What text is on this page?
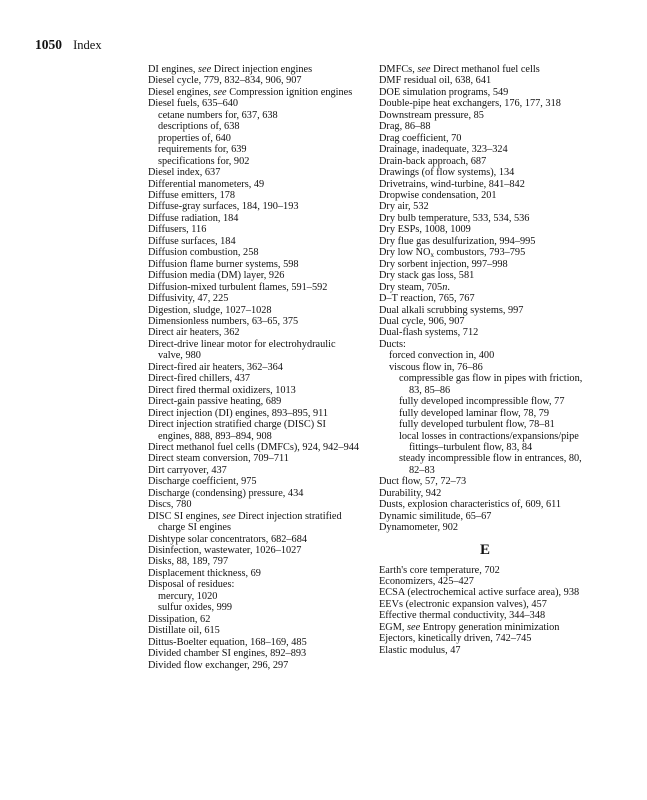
1050 Index
DI engines, see Direct injection engines
Diesel cycle, 779, 832–834, 906, 907
Diesel engines, see Compression ignition engines
Diesel fuels, 635–640
cetane numbers for, 637, 638
descriptions of, 638
properties of, 640
requirements for, 639
specifications for, 902
Diesel index, 637
Differential manometers, 49
Diffuse emitters, 178
Diffuse-gray surfaces, 184, 190–193
Diffuse radiation, 184
Diffusers, 116
Diffuse surfaces, 184
Diffusion combustion, 258
Diffusion flame burner systems, 598
Diffusion media (DM) layer, 926
Diffusion-mixed turbulent flames, 591–592
Diffusivity, 47, 225
Digestion, sludge, 1027–1028
Dimensionless numbers, 63–65, 375
Direct air heaters, 362
Direct-drive linear motor for electrohydraulic valve, 980
Direct-fired air heaters, 362–364
Direct-fired chillers, 437
Direct fired thermal oxidizers, 1013
Direct-gain passive heating, 689
Direct injection (DI) engines, 893–895, 911
Direct injection stratified charge (DISC) SI engines, 888, 893–894, 908
Direct methanol fuel cells (DMFCs), 924, 942–944
Direct steam conversion, 709–711
Dirt carryover, 437
Discharge coefficient, 975
Discharge (condensing) pressure, 434
Discs, 780
DISC SI engines, see Direct injection stratified charge SI engines
Dishtype solar concentrators, 682–684
Disinfection, wastewater, 1026–1027
Disks, 88, 189, 797
Displacement thickness, 69
Disposal of residues:
mercury, 1020
sulfur oxides, 999
Dissipation, 62
Distillate oil, 615
Dittus-Boelter equation, 168–169, 485
Divided chamber SI engines, 892–893
Divided flow exchanger, 296, 297
DMFCs, see Direct methanol fuel cells
DMF residual oil, 638, 641
DOE simulation programs, 549
Double-pipe heat exchangers, 176, 177, 318
Downstream pressure, 85
Drag, 86–88
Drag coefficient, 70
Drainage, inadequate, 323–324
Drain-back approach, 687
Drawings (of flow systems), 134
Drivetrains, wind-turbine, 841–842
Dropwise condensation, 201
Dry air, 532
Dry bulb temperature, 533, 534, 536
Dry ESPs, 1008, 1009
Dry flue gas desulfurization, 994–995
Dry low $NO_x$ combustors, 793–795
Dry sorbent injection, 997–998
Dry stack gas loss, 581
Dry steam, 705n.
D–T reaction, 765, 767
Dual alkali scrubbing systems, 997
Dual cycle, 906, 907
Dual-flash systems, 712
Ducts:
forced convection in, 400
viscous flow in, 76–86
compressible gas flow in pipes with friction, 83, 85–86
fully developed incompressible flow, 77
fully developed laminar flow, 78, 79
fully developed turbulent flow, 78–81
local losses in contractions/expansions/pipe fittings–turbulent flow, 83, 84
steady incompressible flow in entrances, 80, 82–83
Duct flow, 57, 72–73
Durability, 942
Dusts, explosion characteristics of, 609, 611
Dynamic similitude, 65–67
Dynamometer, 902
E
Earth's core temperature, 702
Economizers, 425–427
ECSA (electrochemical active surface area), 938
EEVs (electronic expansion valves), 457
Effective thermal conductivity, 344–348
EGM, see Entropy generation minimization
Ejectors, kinetically driven, 742–745
Elastic modulus, 47
